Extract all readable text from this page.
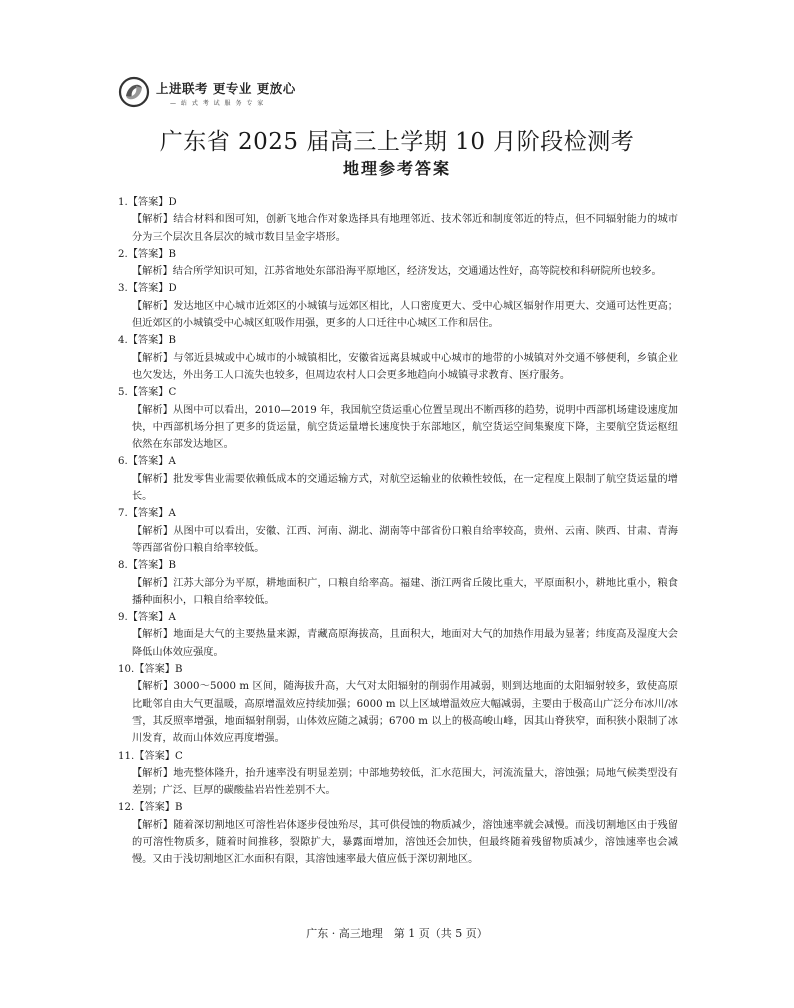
上进联考 更专业 更放心
— 站 式 考 试 服 务 专 家
广东省 2025 届高三上学期 10 月阶段检测考
地理参考答案
1.【答案】D
【解析】结合材料和图可知，创新飞地合作对象选择具有地理邻近、技术邻近和制度邻近的特点，但不同辐射能力的城市分为三个层次且各层次的城市数目呈金字塔形。
2.【答案】B
【解析】结合所学知识可知，江苏省地处东部沿海平原地区，经济发达，交通通达性好，高等院校和科研院所也较多。
3.【答案】D
【解析】发达地区中心城市近郊区的小城镇与远郊区相比，人口密度更大、受中心城区辐射作用更大、交通可达性更高；但近郊区的小城镇受中心城区虹吸作用强，更多的人口迁往中心城区工作和居住。
4.【答案】B
【解析】与邻近县城或中心城市的小城镇相比，安徽省远离县城或中心城市的地带的小城镇对外交通不够便利，乡镇企业也欠发达，外出务工人口流失也较多，但周边农村人口会更多地趋向小城镇寻求教育、医疗服务。
5.【答案】C
【解析】从图中可以看出，2010—2019 年，我国航空货运重心位置呈现出不断西移的趋势，说明中西部机场建设速度加快，中西部机场分担了更多的货运量，航空货运量增长速度快于东部地区，航空货运空间集聚度下降，主要航空货运枢纽依然在东部发达地区。
6.【答案】A
【解析】批发零售业需要依赖低成本的交通运输方式，对航空运输业的依赖性较低，在一定程度上限制了航空货运量的增长。
7.【答案】A
【解析】从图中可以看出，安徽、江西、河南、湖北、湖南等中部省份口粮自给率较高，贵州、云南、陕西、甘肃、青海等西部省份口粮自给率较低。
8.【答案】B
【解析】江苏大部分为平原，耕地面积广，口粮自给率高。福建、浙江两省丘陵比重大，平原面积小，耕地比重小，粮食播种面积小，口粮自给率较低。
9.【答案】A
【解析】地面是大气的主要热量来源，青藏高原海拔高，且面积大，地面对大气的加热作用最为显著；纬度高及湿度大会降低山体效应强度。
10.【答案】B
【解析】3000～5000 m 区间，随海拔升高，大气对太阳辐射的削弱作用减弱，则到达地面的太阳辐射较多，致使高原比毗邻自由大气更温暖，高原增温效应持续加强；6000 m 以上区域增温效应大幅减弱，主要由于极高山广泛分布冰川/冰雪，其反照率增强，地面辐射削弱，山体效应随之减弱；6700 m 以上的极高峻山峰，因其山脊狭窄，面积狭小限制了冰川发育，故而山体效应再度增强。
11.【答案】C
【解析】地壳整体隆升，抬升速率没有明显差别；中部地势较低，汇水范围大，河流流量大，溶蚀强；局地气候类型没有差别；广泛、巨厚的碳酸盐岩岩性差别不大。
12.【答案】B
【解析】随着深切割地区可溶性岩体逐步侵蚀殆尽，其可供侵蚀的物质减少，溶蚀速率就会减慢。而浅切割地区由于残留的可溶性物质多，随着时间推移，裂隙扩大，暴露面增加，溶蚀还会加快，但最终随着残留物质减少，溶蚀速率也会减慢。又由于浅切割地区汇水面积有限，其溶蚀速率最大值应低于深切割地区。
广东 · 高三地理　第 1 页（共 5 页）
